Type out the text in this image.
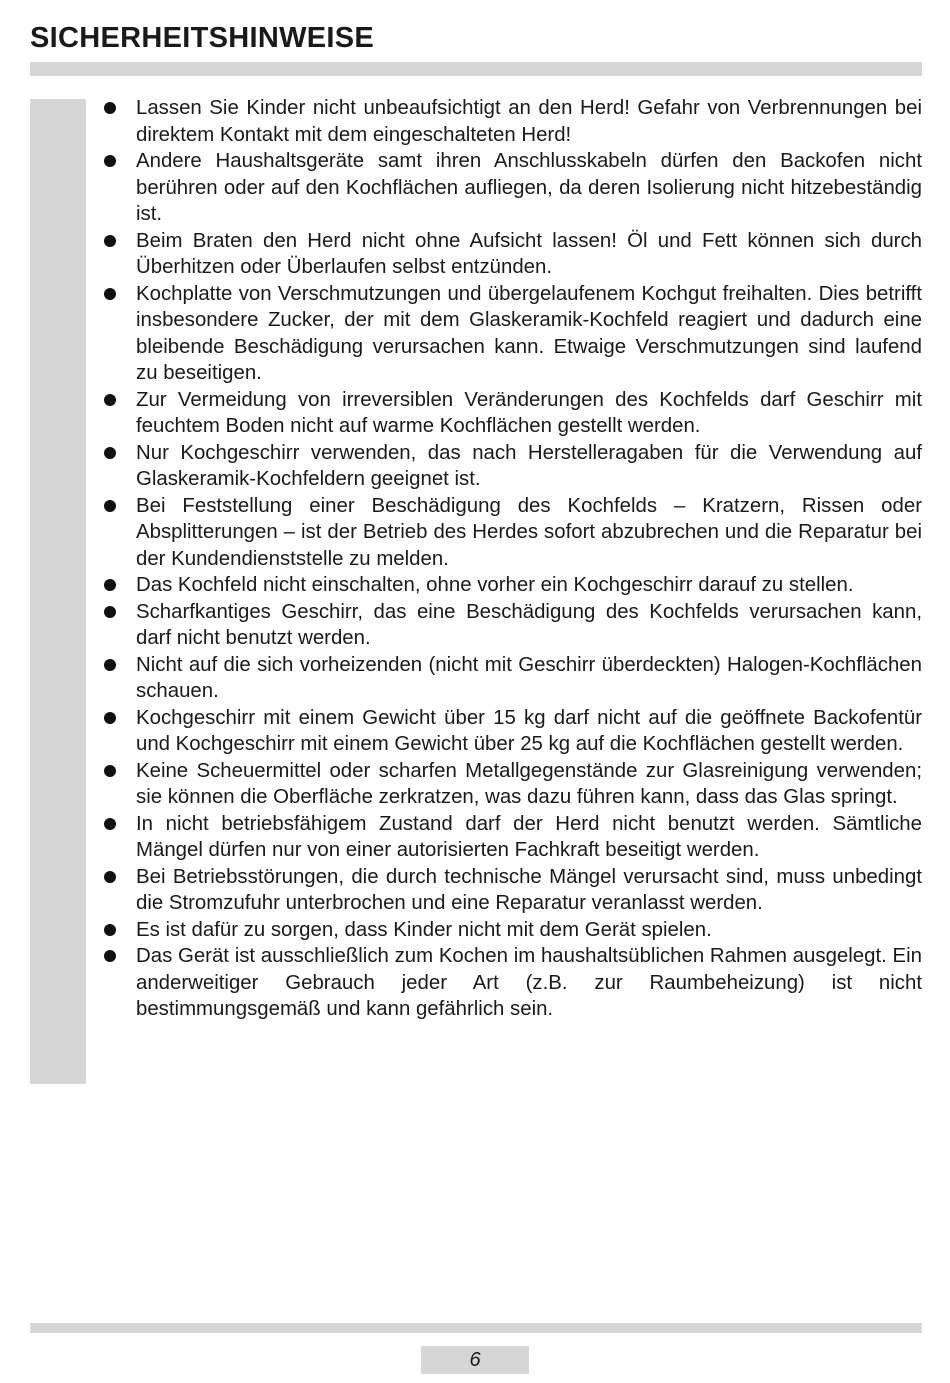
SICHERHEITSHINWEISE
Lassen Sie Kinder nicht unbeaufsichtigt an den Herd! Gefahr von Verbrennungen bei direktem Kontakt mit dem eingeschalteten Herd!
Andere Haushaltsgeräte samt ihren Anschlusskabeln dürfen den Backofen nicht berühren oder auf den Kochflächen aufliegen, da deren Isolierung nicht hitzebeständig ist.
Beim Braten den Herd nicht ohne Aufsicht lassen! Öl und Fett können sich durch Überhitzen oder Überlaufen selbst entzünden.
Kochplatte von Verschmutzungen und übergelaufenem Kochgut freihalten. Dies betrifft insbesondere Zucker, der mit dem Glaskeramik-Kochfeld reagiert und dadurch eine bleibende Beschädigung verursachen kann. Etwaige Verschmutzungen sind laufend zu beseitigen.
Zur Vermeidung von irreversiblen Veränderungen des Kochfelds darf Geschirr mit feuchtem Boden nicht auf warme Kochflächen gestellt werden.
Nur Kochgeschirr verwenden, das nach Herstelleragaben für die Verwendung auf Glaskeramik-Kochfeldern geeignet ist.
Bei Feststellung einer Beschädigung des Kochfelds – Kratzern, Rissen oder Absplitterungen – ist der Betrieb des Herdes sofort abzubrechen und die Reparatur bei der Kundendienststelle zu melden.
Das Kochfeld nicht einschalten, ohne vorher ein Kochgeschirr darauf zu stellen.
Scharfkantiges Geschirr, das eine Beschädigung des Kochfelds verursachen kann, darf nicht benutzt werden.
Nicht auf die sich vorheizenden (nicht mit Geschirr überdeckten) Halogen-Kochflächen schauen.
Kochgeschirr mit einem Gewicht über 15 kg darf nicht auf die geöffnete Backofentür und Kochgeschirr mit einem Gewicht über 25 kg auf die Kochflächen gestellt werden.
Keine Scheuermittel oder scharfen Metallgegenstände zur Glasreinigung verwenden; sie können die Oberfläche zerkratzen, was dazu führen kann, dass das Glas springt.
In nicht betriebsfähigem Zustand darf der Herd nicht benutzt werden. Sämtliche Mängel dürfen nur von einer autorisierten Fachkraft beseitigt werden.
Bei Betriebsstörungen, die durch technische Mängel verursacht sind, muss unbedingt die Stromzufuhr unterbrochen und eine Reparatur veranlasst werden.
Es ist dafür zu sorgen, dass Kinder nicht mit dem Gerät spielen.
Das Gerät ist ausschließlich zum Kochen im haushaltsüblichen Rahmen ausgelegt. Ein anderweitiger Gebrauch jeder Art (z.B. zur Raumbeheizung) ist nicht bestimmungsgemäß und kann gefährlich sein.
6
